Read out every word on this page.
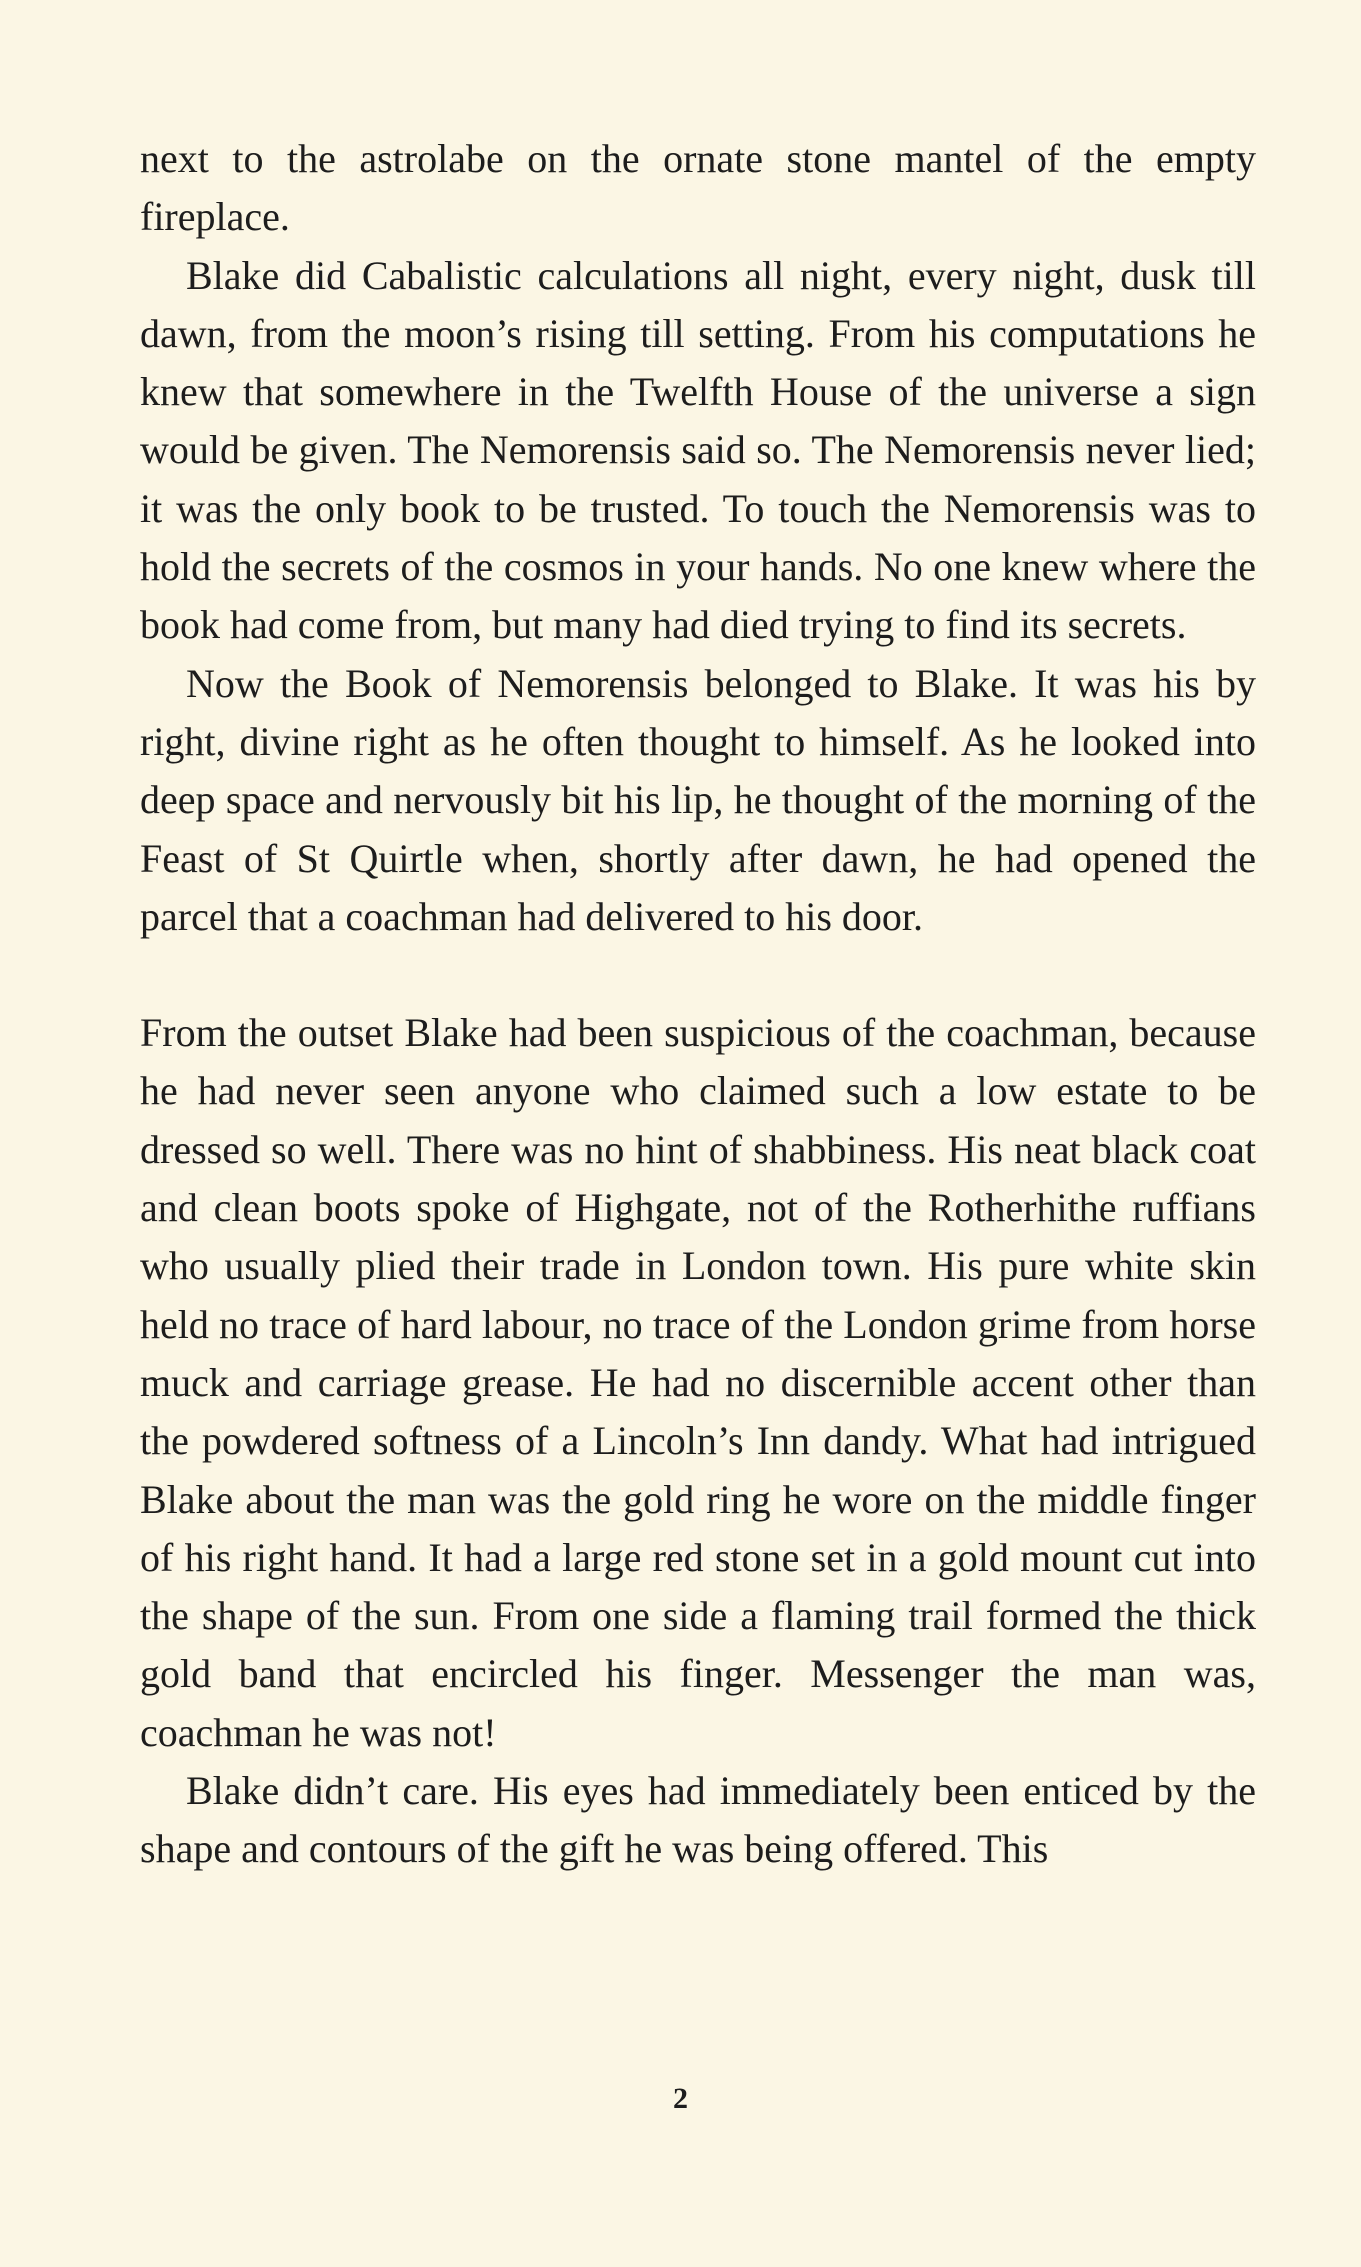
next to the astrolabe on the ornate stone mantel of the empty fireplace.

Blake did Cabalistic calculations all night, every night, dusk till dawn, from the moon’s rising till setting. From his computations he knew that somewhere in the Twelfth House of the universe a sign would be given. The Nemorensis said so. The Nemorensis never lied; it was the only book to be trusted. To touch the Nemorensis was to hold the secrets of the cosmos in your hands. No one knew where the book had come from, but many had died trying to find its secrets.

Now the Book of Nemorensis belonged to Blake. It was his by right, divine right as he often thought to himself. As he looked into deep space and nervously bit his lip, he thought of the morning of the Feast of St Quirtle when, shortly after dawn, he had opened the parcel that a coachman had delivered to his door.

From the outset Blake had been suspicious of the coachman, because he had never seen anyone who claimed such a low estate to be dressed so well. There was no hint of shabbiness. His neat black coat and clean boots spoke of Highgate, not of the Rotherhithe ruffians who usually plied their trade in London town. His pure white skin held no trace of hard labour, no trace of the London grime from horse muck and carriage grease. He had no discernible accent other than the powdered softness of a Lincoln’s Inn dandy. What had intrigued Blake about the man was the gold ring he wore on the middle finger of his right hand. It had a large red stone set in a gold mount cut into the shape of the sun. From one side a flaming trail formed the thick gold band that encircled his finger. Messenger the man was, coachman he was not!

Blake didn’t care. His eyes had immediately been enticed by the shape and contours of the gift he was being offered. This

2
